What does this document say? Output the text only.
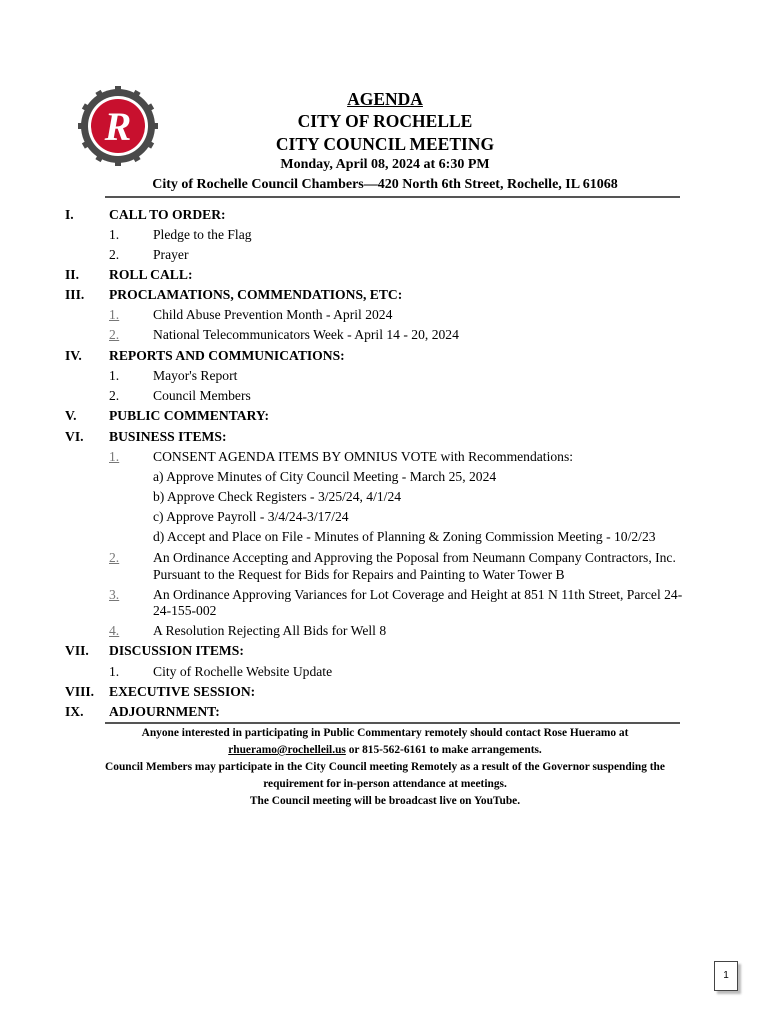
R
AGENDA
CITY OF ROCHELLE
CITY COUNCIL MEETING
Monday, April 08, 2024 at 6:30 PM
City of Rochelle Council Chambers—420 North 6th Street, Rochelle, IL 61068
I.	CALL TO ORDER:
1. Pledge to the Flag
2. Prayer
II. ROLL CALL:
III. PROCLAMATIONS, COMMENDATIONS, ETC:
1. Child Abuse Prevention Month - April 2024
2. National Telecommunicators Week - April 14 - 20, 2024
IV. REPORTS AND COMMUNICATIONS:
1. Mayor's Report
2. Council Members
V. PUBLIC COMMENTARY:
VI. BUSINESS ITEMS:
1. CONSENT AGENDA ITEMS BY OMNIUS VOTE with Recommendations:
a) Approve Minutes of City Council Meeting - March 25, 2024
b) Approve Check Registers - 3/25/24, 4/1/24
c) Approve Payroll - 3/4/24-3/17/24
d) Accept and Place on File - Minutes of Planning & Zoning Commission Meeting - 10/2/23
2. An Ordinance Accepting and Approving the Poposal from Neumann Company Contractors, Inc.
Pursuant to the Request for Bids for Repairs and Painting to Water Tower B
3. An Ordinance Approving Variances for Lot Coverage and Height at 851 N 11th Street, Parcel 24-
24-155-002
4. A Resolution Rejecting All Bids for Well 8
VII. DISCUSSION ITEMS:
1. City of Rochelle Website Update
VIII. EXECUTIVE SESSION:
IX. ADJOURNMENT:
Anyone interested in participating in Public Commentary remotely should contact Rose Hueramo at
rhueramo@rochelleil.us or 815-562-6161 to make arrangements.
Council Members may participate in the City Council meeting Remotely as a result of the Governor suspending the
requirement for in-person attendance at meetings.
The Council meeting will be broadcast live on YouTube.
1
